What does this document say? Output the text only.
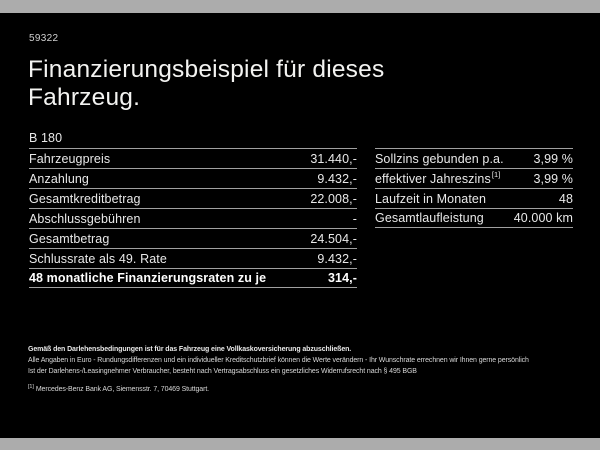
59322
Finanzierungsbeispiel für dieses
Fahrzeug.
B 180
Fahrzeugpreis	31.440,-
Anzahlung	9.432,-
Gesamtkreditbetrag	22.008,-
Abschlussgebühren	-
Gesamtbetrag	24.504,-
Schlussrate als 49. Rate	9.432,-
48 monatliche Finanzierungsraten zu je	314,-
Sollzins gebunden p.a. 3,99 %
effektiver Jahreszins[1]	3,99 %
Laufzeit in Monaten	48
Gesamtlaufleistung 40.000 km
Gemäß den Darlehensbedingungen ist für das Fahrzeug eine Vollkaskoversicherung abzuschließen.
Alle Angaben in Euro - Rundungsdifferenzen und ein individueller Kreditschutzbrief können die Werte verändern - Ihr Wunschrate errechnen wir Ihnen gerne persönlich
Ist der Darlehens-/Leasingnehmer Verbraucher, besteht nach Vertragsabschluss ein gesetzliches Widerrufsrecht nach § 495 BGB
[1] Mercedes-Benz Bank AG, Siemensstr. 7, 70469 Stuttgart.
